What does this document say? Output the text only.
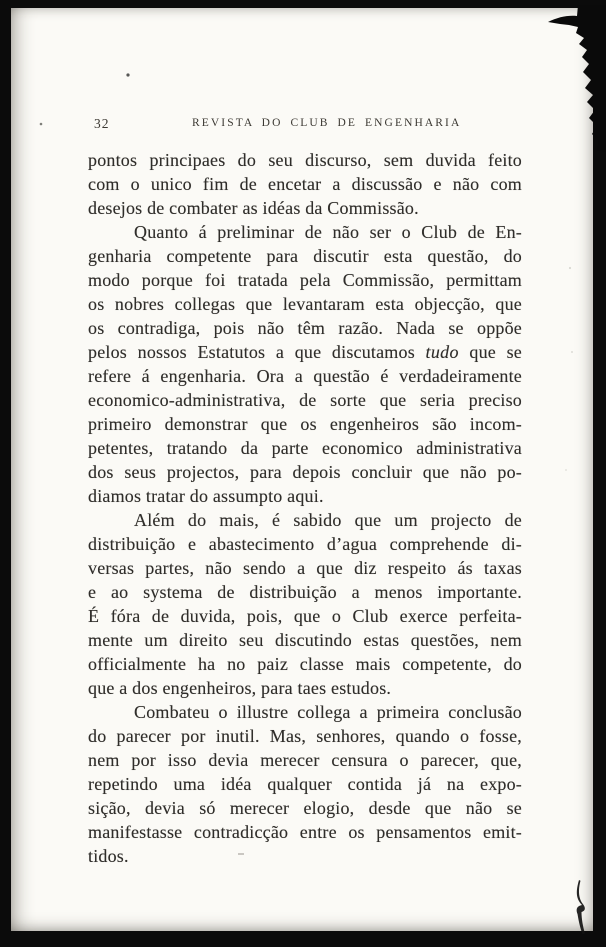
32	REVISTA DO CLUB DE ENGENHARIA
pontos principaes do seu discurso, sem duvida feito
com o unico fim de encetar a discussão e não com
desejos de combater as idéas da Commissão.
Quanto á preliminar de não ser o Club de En-
genharia competente para discutir esta questão, do
modo porque foi tratada pela Commissão, permittam
os nobres collegas que levantaram esta objecção, que
os contradiga, pois não têm razão. Nada se oppõe
pelos nossos Estatutos a que discutamos tudo que se
refere á engenharia. Ora a questão é verdadeiramente
economico-administrativa, de sorte que seria preciso
primeiro demonstrar que os engenheiros são incom-
petentes, tratando da parte economico administrativa
dos seus projectos, para depois concluir que não po-
diamos tratar do assumpto aqui.
Além do mais, é sabido que um projecto de
distribuição e abastecimento d’agua comprehende di-
versas partes, não sendo a que diz respeito ás taxas
e ao systema de distribuição a menos importante.
É fóra de duvida, pois, que o Club exerce perfeita-
mente um direito seu discutindo estas questões, nem
officialmente ha no paiz classe mais competente, do
que a dos engenheiros, para taes estudos.
Combateu o illustre collega a primeira conclusão
do parecer por inutil. Mas, senhores, quando o fosse,
nem por isso devia merecer censura o parecer, que,
repetindo uma idéa qualquer contida já na expo-
sição, devia só merecer elogio, desde que não se
manifestasse contradicção entre os pensamentos emit-
tidos.
